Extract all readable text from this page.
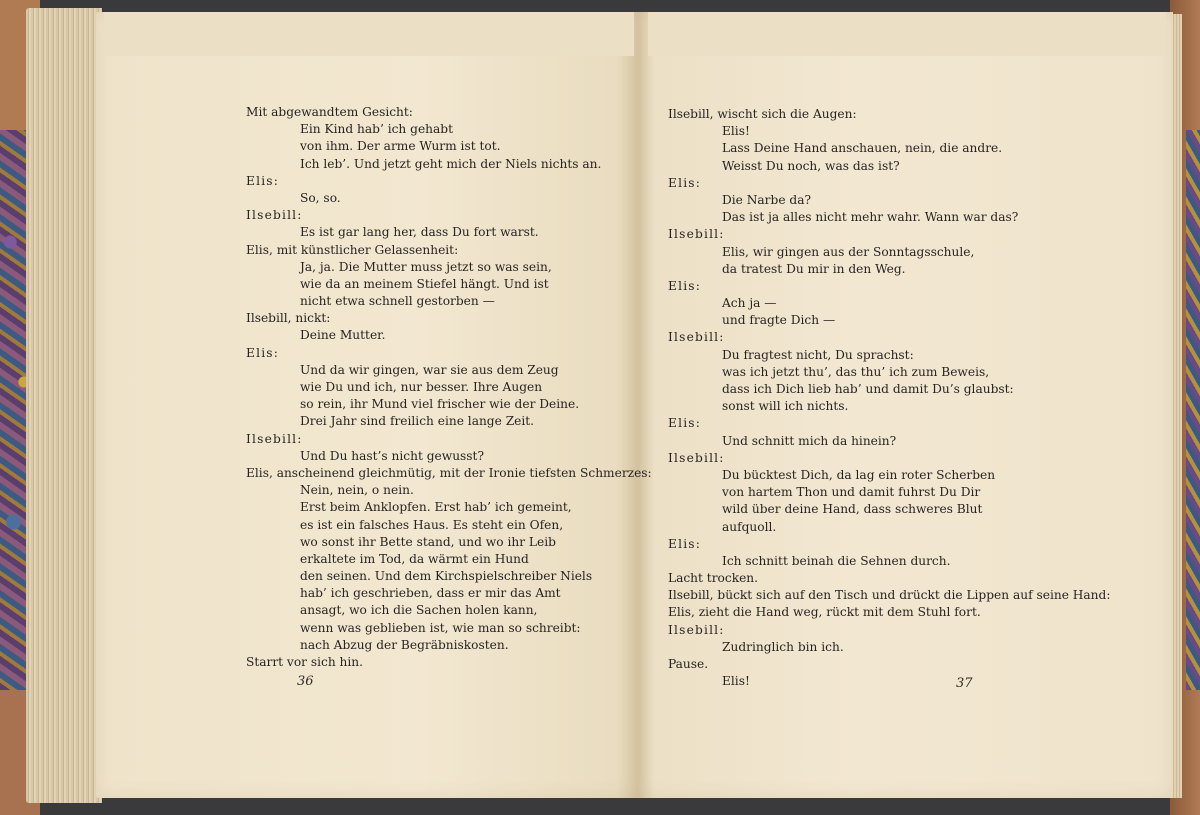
Mit abgewandtem Gesicht:
Ein Kind hab’ ich gehabt
von ihm. Der arme Wurm ist tot.
Ich leb’. Und jetzt geht mich der Niels nichts an.
Elis:
So, so.
Ilsebill:
Es ist gar lang her, dass Du fort warst.
Elis, mit künstlicher Gelassenheit:
Ja, ja. Die Mutter muss jetzt so was sein,
wie da an meinem Stiefel hängt. Und ist
nicht etwa schnell gestorben —
Ilsebill, nickt:
Deine Mutter.
Elis:
Und da wir gingen, war sie aus dem Zeug
wie Du und ich, nur besser. Ihre Augen
so rein, ihr Mund viel frischer wie der Deine.
Drei Jahr sind freilich eine lange Zeit.
Ilsebill:
Und Du hast’s nicht gewusst?
Elis, anscheinend gleichmütig, mit der Ironie tiefsten Schmerzes:
Nein, nein, o nein.
Erst beim Anklopfen. Erst hab’ ich gemeint,
es ist ein falsches Haus. Es steht ein Ofen,
wo sonst ihr Bette stand, und wo ihr Leib
erkaltete im Tod, da wärmt ein Hund
den seinen. Und dem Kirchspielschreiber Niels
hab’ ich geschrieben, dass er mir das Amt
ansagt, wo ich die Sachen holen kann,
wenn was geblieben ist, wie man so schreibt:
nach Abzug der Begräbniskosten.
Starrt vor sich hin.
36
Ilsebill, wischt sich die Augen:
Elis!
Lass Deine Hand anschauen, nein, die andre.
Weisst Du noch, was das ist?
Elis:
Die Narbe da?
Das ist ja alles nicht mehr wahr. Wann war das?
Ilsebill:
Elis, wir gingen aus der Sonntagsschule,
da tratest Du mir in den Weg.
Elis:
Ach ja —
und fragte Dich —
Ilsebill:
Du fragtest nicht, Du sprachst:
was ich jetzt thu’, das thu’ ich zum Beweis,
dass ich Dich lieb hab’ und damit Du’s glaubst:
sonst will ich nichts.
Elis:
Und schnitt mich da hinein?
Ilsebill:
Du bücktest Dich, da lag ein roter Scherben
von hartem Thon und damit fuhrst Du Dir
wild über deine Hand, dass schweres Blut
aufquoll.
Elis:
Ich schnitt beinah die Sehnen durch.
Lacht trocken.
Ilsebill, bückt sich auf den Tisch und drückt die Lippen auf seine Hand:
Elis, zieht die Hand weg, rückt mit dem Stuhl fort.
Ilsebill:
Zudringlich bin ich.
Pause.
Elis!	37
